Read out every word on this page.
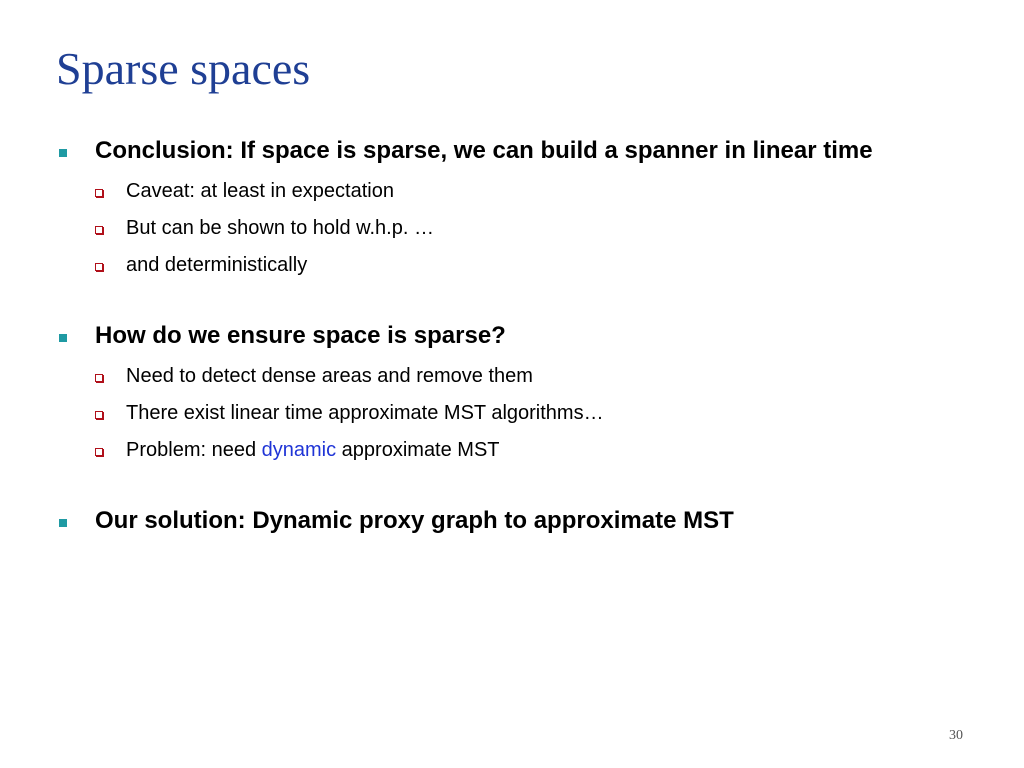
Sparse spaces
Conclusion: If space is sparse, we can build a spanner in linear time
Caveat: at least in expectation
But can be shown to hold w.h.p. …
and deterministically
How do we ensure space is sparse?
Need to detect dense areas and remove them
There exist linear time approximate MST algorithms…
Problem: need dynamic approximate MST
Our solution: Dynamic proxy graph to approximate MST
30
